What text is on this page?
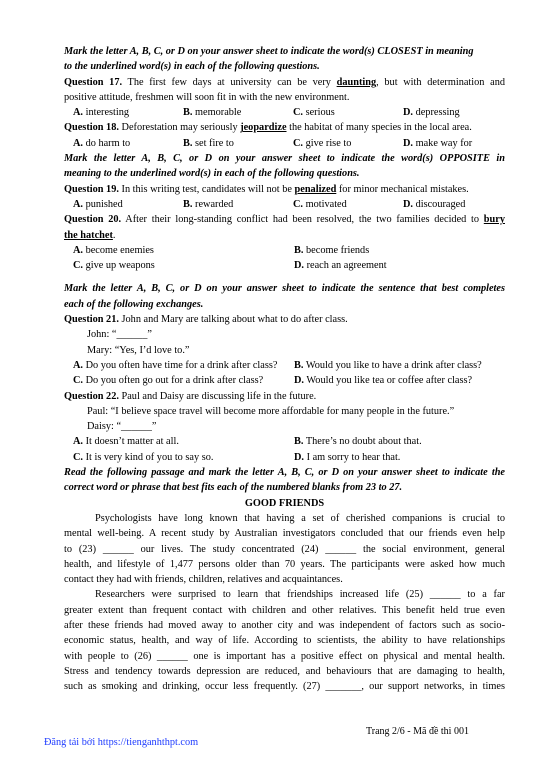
Mark the letter A, B, C, or D on your answer sheet to indicate the word(s) CLOSEST in meaning
to the underlined word(s) in each of the following questions.
Question 17. The first few days at university can be very daunting, but with determination and
positive attitude, freshmen will soon fit in with the new environment.
A. interesting	B. memorable	C. serious	D. depressing
Question 18. Deforestation may seriously jeopardize the habitat of many species in the local area.
A. do harm to	B. set fire to	C. give rise to	D. make way for
Mark the letter A, B, C, or D on your answer sheet to indicate the word(s) OPPOSITE in
meaning to the underlined word(s) in each of the following questions.
Question 19. In this writing test, candidates will not be penalized for minor mechanical mistakes.
A. punished	B. rewarded	C. motivated	D. discouraged
Question 20. After their long-standing conflict had been resolved, the two families decided to bury
the hatchet.
A. become enemies	B. become friends
C. give up weapons	D. reach an agreement
Mark the letter A, B, C, or D on your answer sheet to indicate the sentence that best completes
each of the following exchanges.
Question 21. John and Mary are talking about what to do after class.
John: “______”
Mary: “Yes, I’d love to.”
A. Do you often have time for a drink after class?	B. Would you like to have a drink after class?
C. Do you often go out for a drink after class?	D. Would you like tea or coffee after class?
Question 22. Paul and Daisy are discussing life in the future.
Paul: “I believe space travel will become more affordable for many people in the future.”
Daisy: “______”
A. It doesn’t matter at all.	B. There’s no doubt about that.
C. It is very kind of you to say so.	D. I am sorry to hear that.
Read the following passage and mark the letter A, B, C, or D on your answer sheet to indicate the
correct word or phrase that best fits each of the numbered blanks from 23 to 27.
GOOD FRIENDS
Psychologists have long known that having a set of cherished companions is crucial to
mental well-being. A recent study by Australian investigators concluded that our friends even help
to (23) ______ our lives. The study concentrated (24) ______ the social environment, general
health, and lifestyle of 1,477 persons older than 70 years. The participants were asked how much
contact they had with friends, children, relatives and acquaintances.
Researchers were surprised to learn that friendships increased life (25) ______ to a far
greater extent than frequent contact with children and other relatives. This benefit held true even
after these friends had moved away to another city and was independent of factors such as socio-
economic status, health, and way of life. According to scientists, the ability to have relationships
with people to (26) ______ one is important has a positive effect on physical and mental health.
Stress and tendency towards depression are reduced, and behaviours that are damaging to health,
such as smoking and drinking, occur less frequently. (27) _______, our support networks, in times
Trang 2/6 - Mã đề thi 001
Đăng tải bởi https://tienganhthpt.com
